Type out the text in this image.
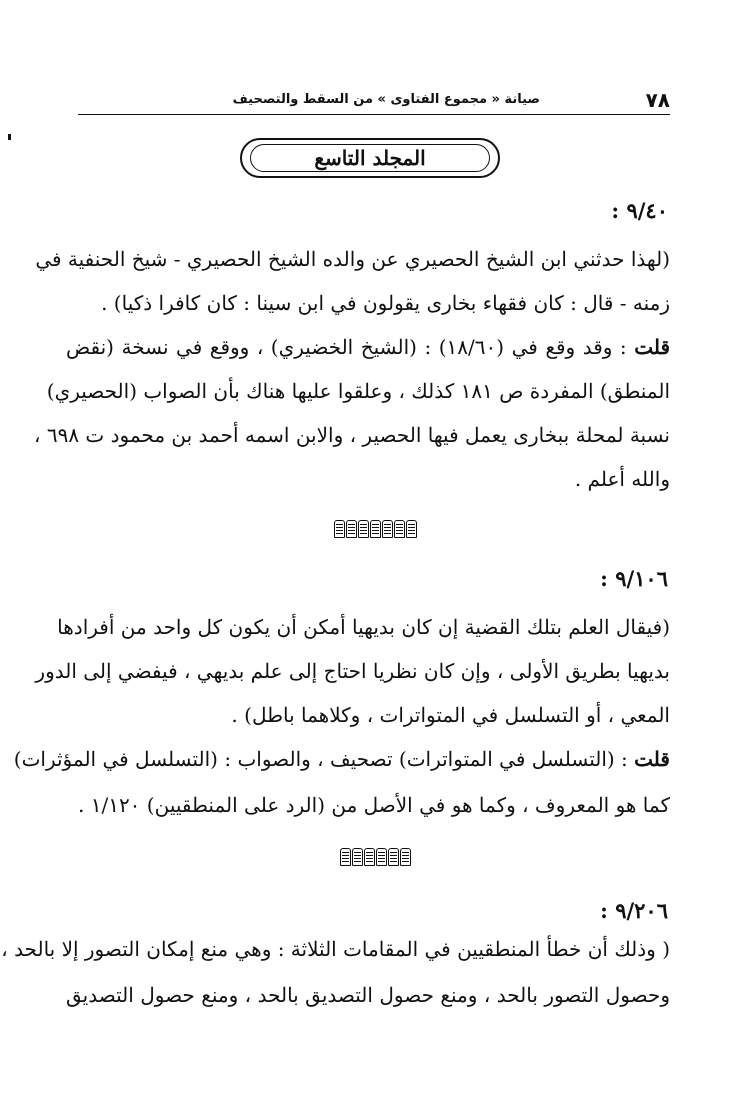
٧٨
صيانة « مجموع الفتاوى » من السقط والتصحيف
المجلد التاسع
٩/٤٠ :
(لهذا حدثني ابن الشيخ الحصيري عن والده الشيخ الحصيري - شيخ الحنفية في
زمنه - قال : كان فقهاء بخارى يقولون في ابن سينا : كان كافرا ذكيا) .
قلت : وقد وقع في (١٨/٦٠) : (الشيخ الخضيري) ، ووقع في نسخة (نقض
المنطق) المفردة ص ١٨١ كذلك ، وعلقوا عليها هناك بأن الصواب (الحصيري)
نسبة لمحلة ببخارى يعمل فيها الحصير ، والابن اسمه أحمد بن محمود ت ٦٩٨ ،
والله أعلم .
٩/١٠٦ :
(فيقال العلم بتلك القضية إن كان بديهيا أمكن أن يكون كل واحد من أفرادها
بديهيا بطريق الأولى ، وإن كان نظريا احتاج إلى علم بديهي ، فيفضي إلى الدور
المعي ، أو التسلسل في المتواترات ، وكلاهما باطل) .
قلت : (التسلسل في المتواترات) تصحيف ، والصواب : (التسلسل في المؤثرات)
كما هو المعروف ، وكما هو في الأصل من (الرد على المنطقيين) ١/١٢٠ .
٩/٢٠٦ :
( وذلك أن خطأ المنطقيين في المقامات الثلاثة : وهي منع إمكان التصور إلا بالحد ،
وحصول التصور بالحد ، ومنع حصول التصديق بالحد ، ومنع حصول التصديق
